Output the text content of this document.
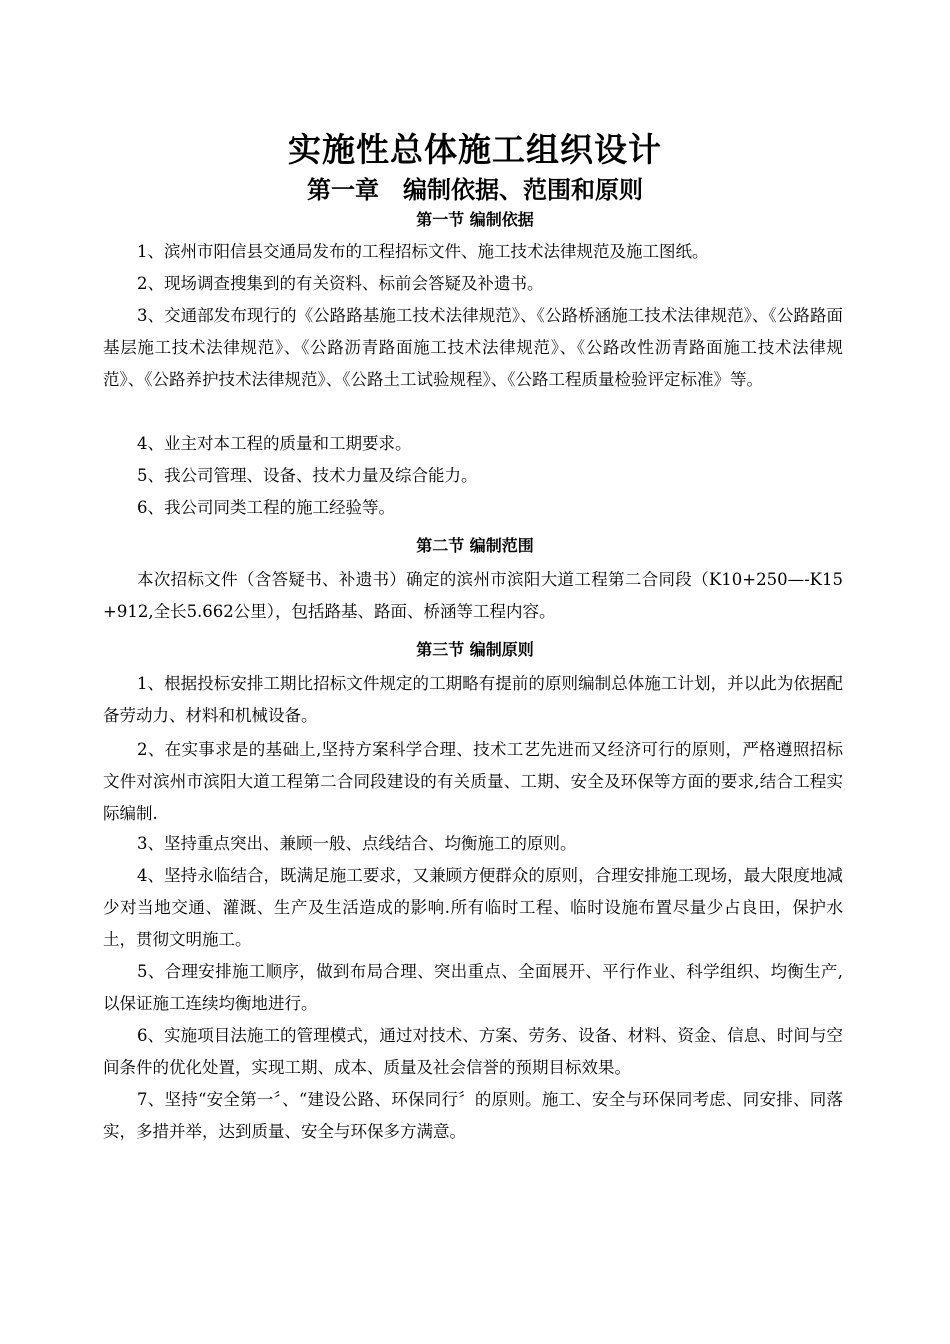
实施性总体施工组织设计
第一章　编制依据、范围和原则
第一节 编制依据

1、滨州市阳信县交通局发布的工程招标文件、施工技术法律规范及施工图纸。

2、现场调查搜集到的有关资料、标前会答疑及补遗书。

3、交通部发布现行的《公路路基施工技术法律规范》、《公路桥涵施工技术法律规范》、《公路路面基层施工技术法律规范》、《公路沥青路面施工技术法律规范》、《公路改性沥青路面施工技术法律规范》、《公路养护技术法律规范》、《公路土工试验规程》、《公路工程质量检验评定标准》等。

4、业主对本工程的质量和工期要求。

5、我公司管理、设备、技术力量及综合能力。

6、我公司同类工程的施工经验等。

第二节 编制范围

本次招标文件（含答疑书、补遗书）确定的滨州市滨阳大道工程第二合同段（K10+250—-K15+912,全长5.662公里），包括路基、路面、桥涵等工程内容。

第三节 编制原则

1、根据投标安排工期比招标文件规定的工期略有提前的原则编制总体施工计划，并以此为依据配备劳动力、材料和机械设备。

2、在实事求是的基础上,坚持方案科学合理、技术工艺先进而又经济可行的原则，严格遵照招标文件对滨州市滨阳大道工程第二合同段建设的有关质量、工期、安全及环保等方面的要求,结合工程实际编制.

3、坚持重点突出、兼顾一般、点线结合、均衡施工的原则。

4、坚持永临结合，既满足施工要求，又兼顾方便群众的原则，合理安排施工现场，最大限度地减少对当地交通、灌溉、生产及生活造成的影响.所有临时工程、临时设施布置尽量少占良田，保护水土，贯彻文明施工。

5、合理安排施工顺序，做到布局合理、突出重点、全面展开、平行作业、科学组织、均衡生产,以保证施工连续均衡地进行。

6、实施项目法施工的管理模式，通过对技术、方案、劳务、设备、材料、资金、信息、时间与空间条件的优化处置，实现工期、成本、质量及社会信誉的预期目标效果。

7、坚持“安全第一〞、“建设公路、环保同行〞的原则。施工、安全与环保同考虑、同安排、同落实，多措并举，达到质量、安全与环保多方满意。
